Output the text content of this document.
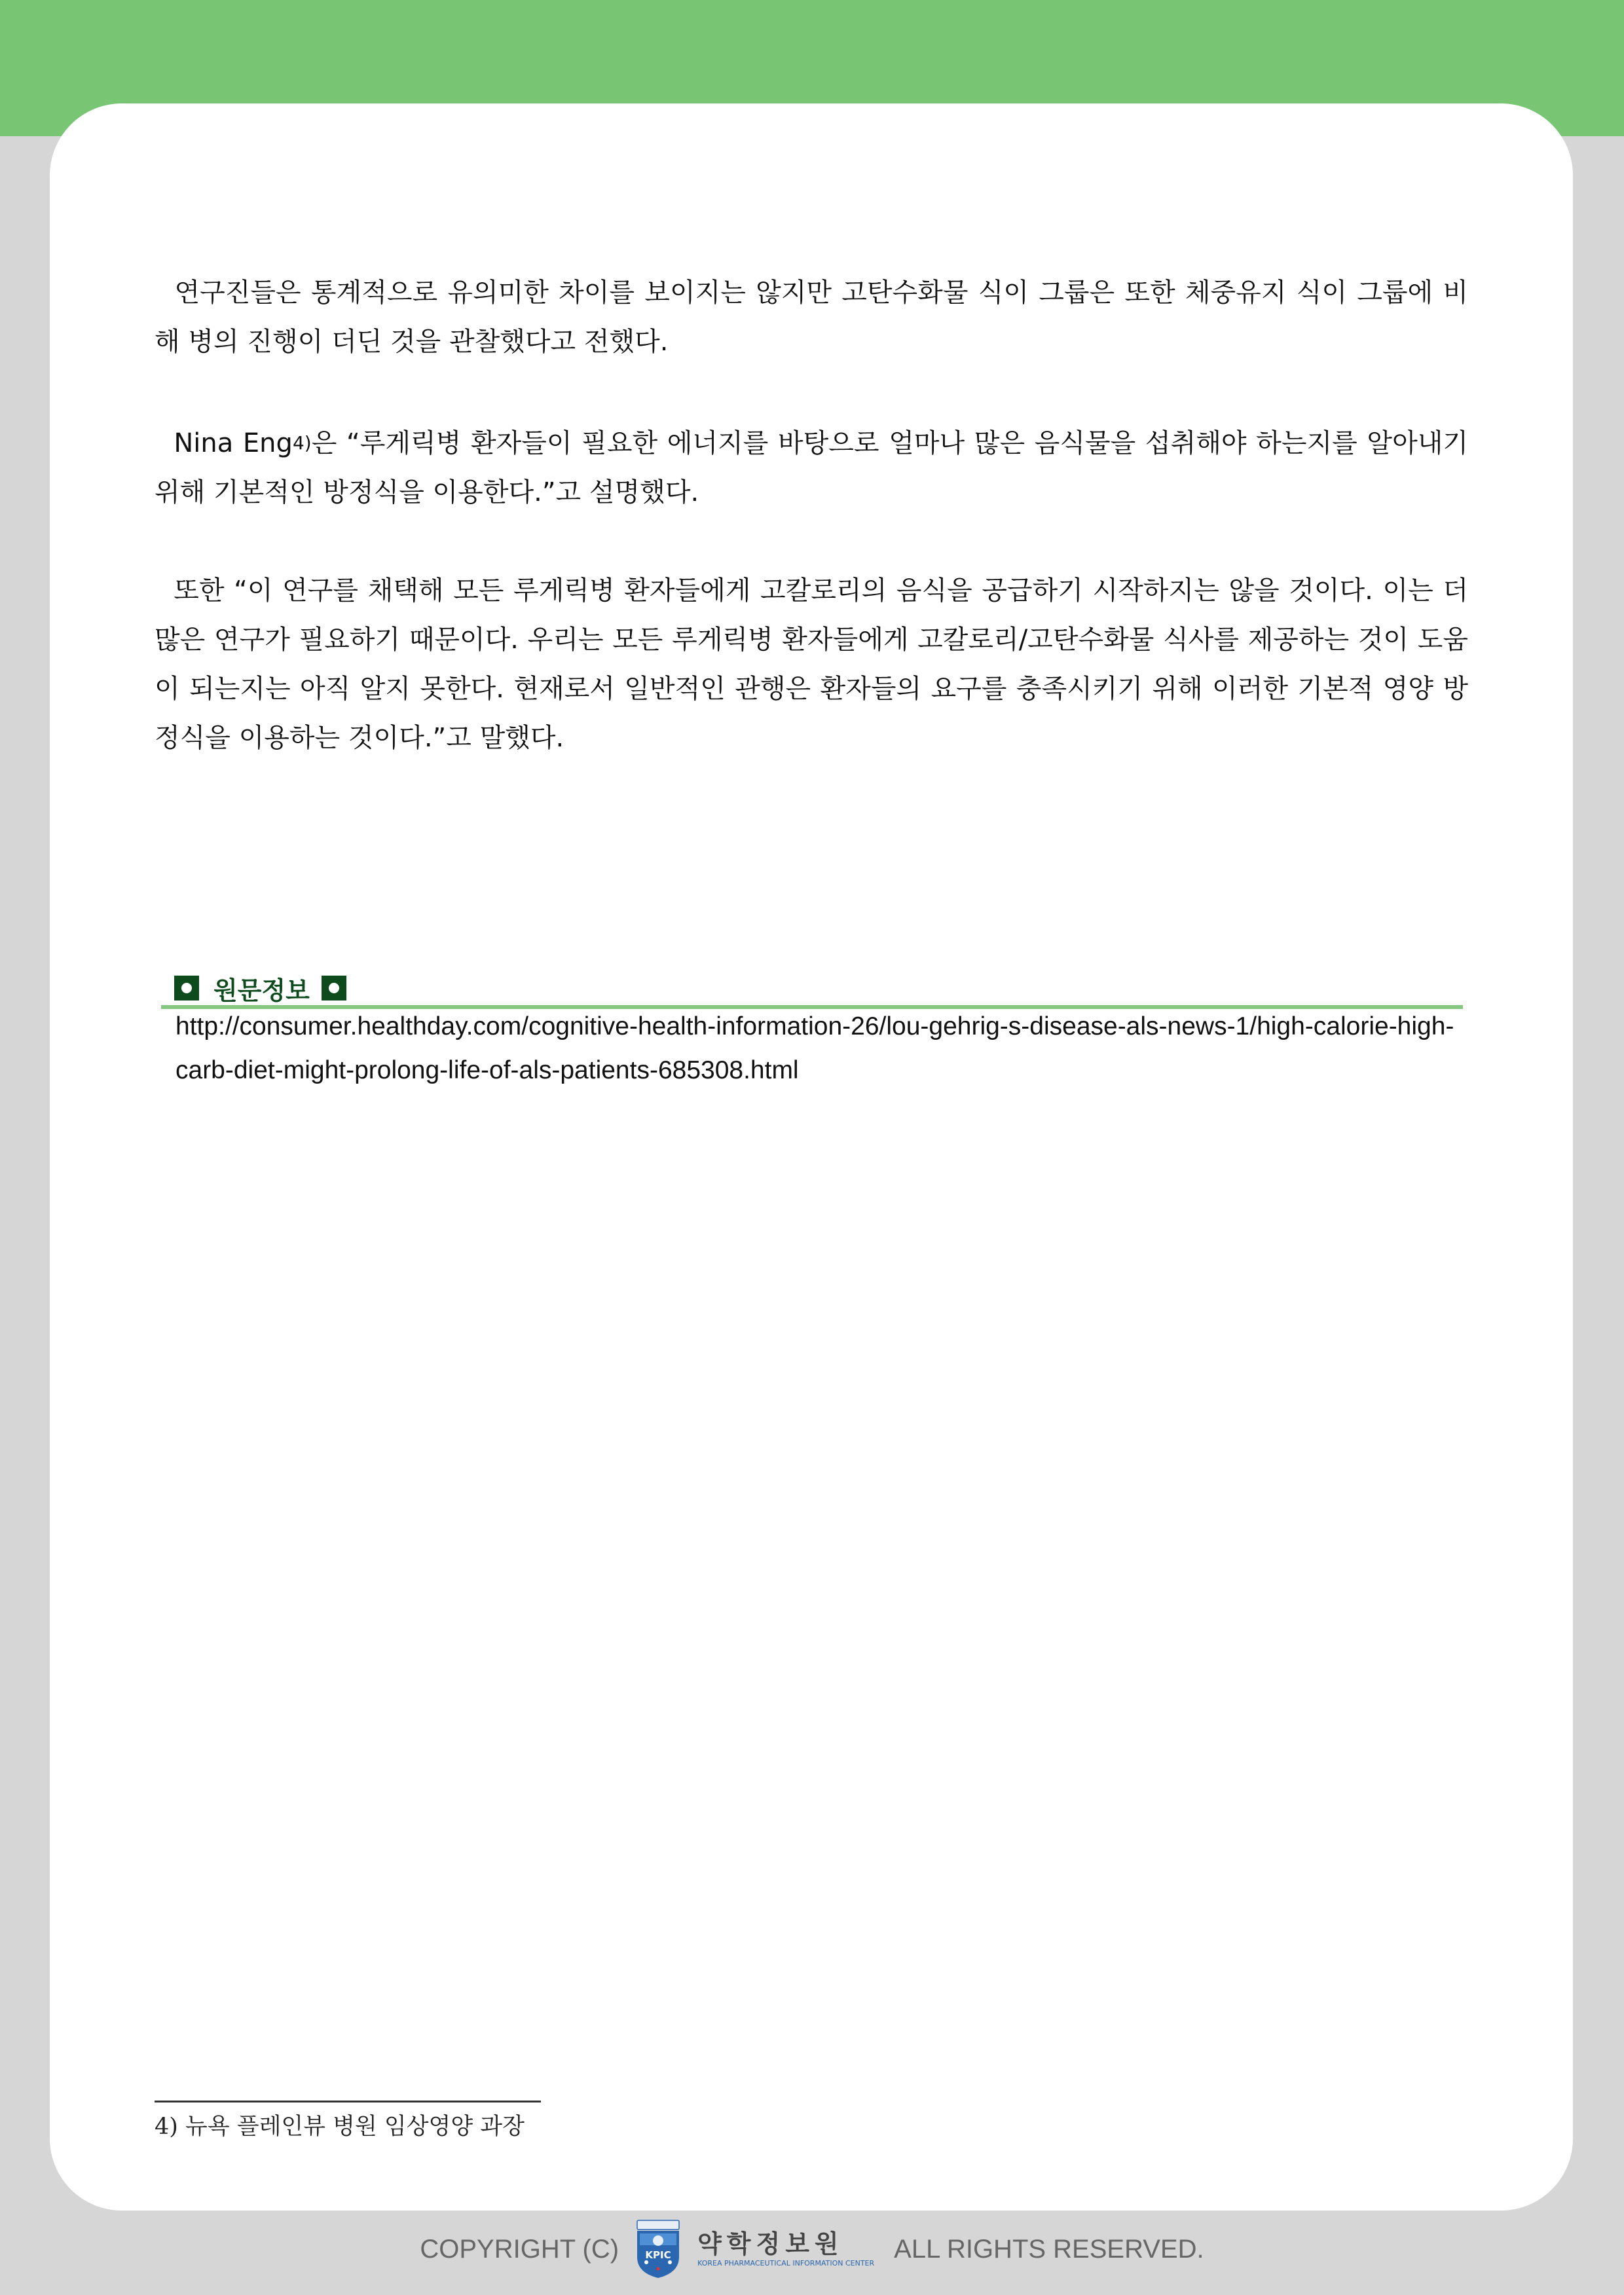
연구진들은 통계적으로 유의미한 차이를 보이지는 않지만 고탄수화물 식이 그룹은 또한 체중유지 식이 그룹에 비해 병의 진행이 더딘 것을 관찰했다고 전했다.

Nina Eng$^{4)}$은 “루게릭병 환자들이 필요한 에너지를 바탕으로 얼마나 많은 음식물을 섭취해야 하는지를 알아내기 위해 기본적인 방정식을 이용한다.”고 설명했다.

또한 “이 연구를 채택해 모든 루게릭병 환자들에게 고칼로리의 음식을 공급하기 시작하지는 않을 것이다. 이는 더 많은 연구가 필요하기 때문이다. 우리는 모든 루게릭병 환자들에게 고칼로리/고탄수화물 식사를 제공하는 것이 도움이 되는지는 아직 알지 못한다. 현재로서 일반적인 관행은 환자들의 요구를 충족시키기 위해 이러한 기본적 영양 방정식을 이용하는 것이다.”고 말했다.

원문정보

http://consumer.healthday.com/cognitive-health-information-26/lou-gehrig-s-disease-als-news-1/high-calorie-high-carb-diet-might-prolong-life-of-als-patients-685308.html

4) 뉴욕 플레인뷰 병원 임상영양 과장
COPYRIGHT (C)	KPIC 약학정보원
KOREA PHARMACEUTICAL INFORMATION CENTER ALL RIGHTS RESERVED.
